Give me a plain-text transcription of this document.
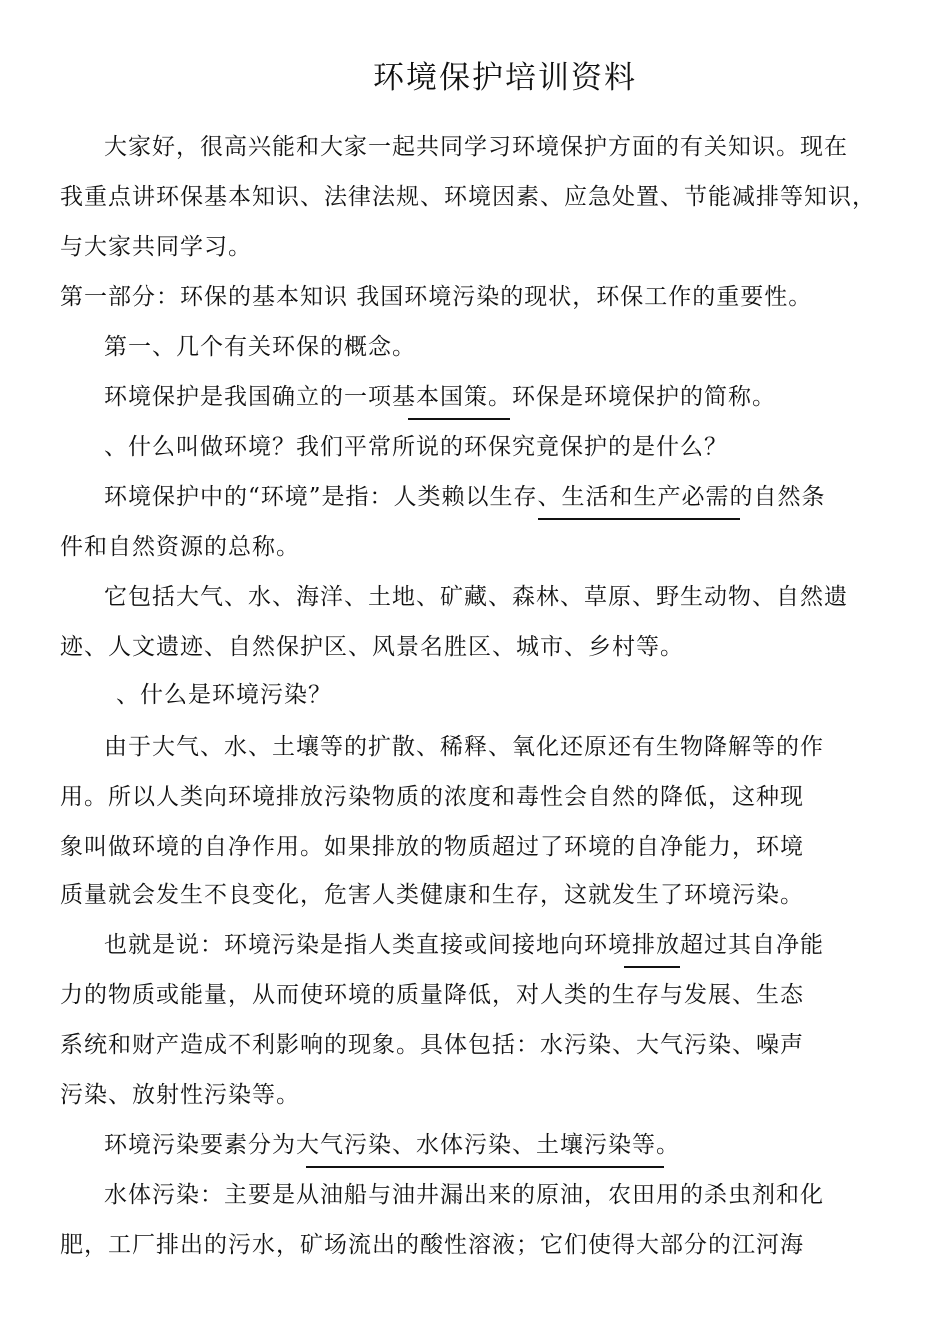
环境保护培训资料
大家好，很高兴能和大家一起共同学习环境保护方面的有关知识。现在
我重点讲环保基本知识、法律法规、环境因素、应急处置、节能减排等知识，
与大家共同学习。
第一部分：环保的基本知识 我国环境污染的现状，环保工作的重要性。
第一、几个有关环保的概念。
环境保护是我国确立的一项基本国策。环保是环境保护的简称。
、什么叫做环境？我们平常所说的环保究竟保护的是什么？
环境保护中的“环境”是指：人类赖以生存、生活和生产必需的自然条
件和自然资源的总称。
它包括大气、水、海洋、土地、矿藏、森林、草原、野生动物、自然遗
迹、人文遗迹、自然保护区、风景名胜区、城市、乡村等。
、什么是环境污染？
由于大气、水、土壤等的扩散、稀释、氧化还原还有生物降解等的作
用。所以人类向环境排放污染物质的浓度和毒性会自然的降低，这种现
象叫做环境的自净作用。如果排放的物质超过了环境的自净能力，环境
质量就会发生不良变化，危害人类健康和生存，这就发生了环境污染。
也就是说：环境污染是指人类直接或间接地向环境排放超过其自净能
力的物质或能量，从而使环境的质量降低，对人类的生存与发展、生态
系统和财产造成不利影响的现象。具体包括：水污染、大气污染、噪声
污染、放射性污染等。
环境污染要素分为大气污染、水体污染、土壤污染等。
水体污染：主要是从油船与油井漏出来的原油，农田用的杀虫剂和化
肥，工厂排出的污水，矿场流出的酸性溶液；它们使得大部分的江河海
